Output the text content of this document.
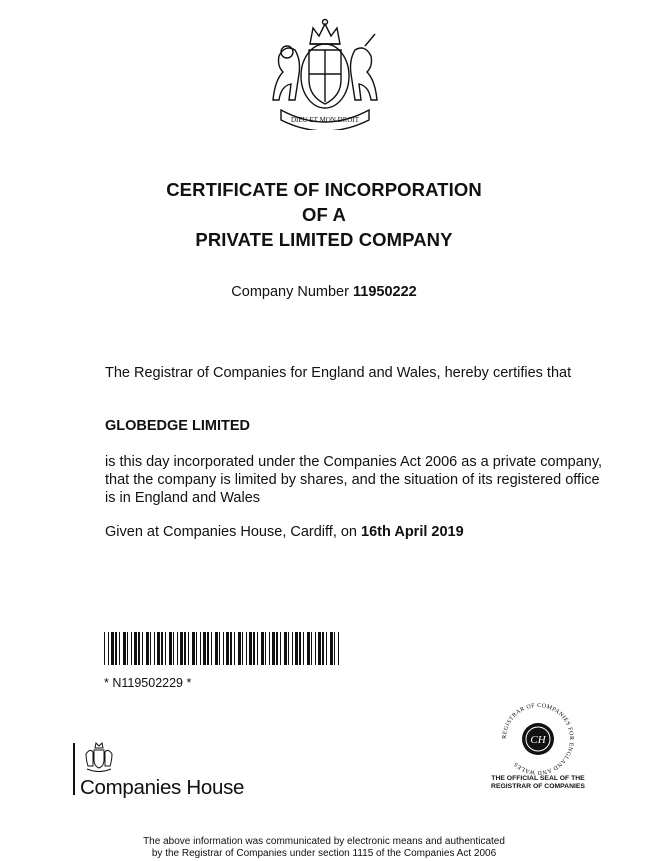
DIEU ET MON DROIT
CERTIFICATE OF INCORPORATION
OF A
PRIVATE LIMITED COMPANY
Company Number 11950222
The Registrar of Companies for England and Wales, hereby certifies that
GLOBEDGE LIMITED
is this day incorporated under the Companies Act 2006 as a private company, that the company is limited by shares, and the situation of its registered office is in England and Wales
Given at Companies House, Cardiff, on 16th April 2019
* N119502229 *
Companies House
REGISTRAR OF COMPANIES FOR ENGLAND AND WALES
CH
THE OFFICIAL SEAL OF THE
REGISTRAR OF COMPANIES
The above information was communicated by electronic means and authenticated
by the Registrar of Companies under section 1115 of the Companies Act 2006
